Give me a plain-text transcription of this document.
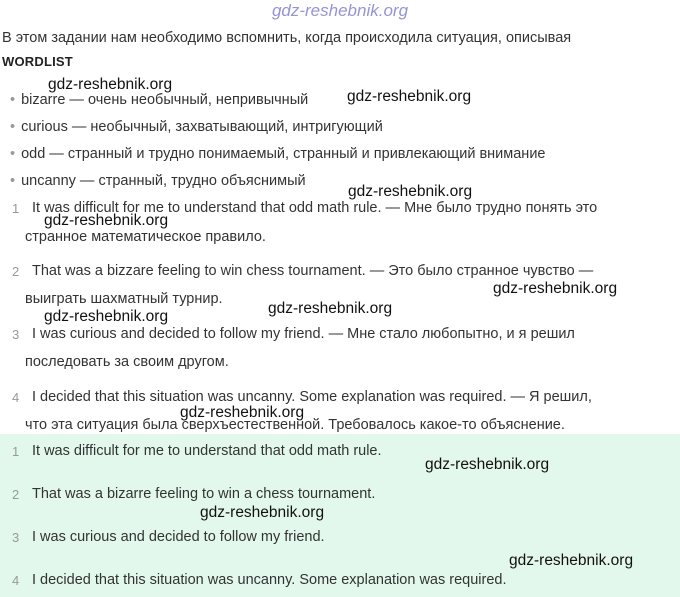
gdz-reshebnik.org
В этом задании нам необходимо вспомнить, когда происходила ситуация, описывая
WORDLIST
• bizarre — очень необычный, непривычный
• curious — необычный, захватывающий, интригующий
• odd — странный и трудно понимаемый, странный и привлекающий внимание
• uncanny — странный, трудно объяснимый
1 It was difficult for me to understand that odd math rule. — Мне было трудно понять это
странное математическое правило.
2 That was a bizzare feeling to win chess tournament. — Это было странное чувство —
выиграть шахматный турнир.
3 I was curious and decided to follow my friend. — Мне стало любопытно, и я решил
последовать за своим другом.
4 I decided that this situation was uncanny. Some explanation was required. — Я решил,
что эта ситуация была сверхъестественной. Требовалось какое-то объяснение.
1 It was difficult for me to understand that odd math rule.
2 That was a bizarre feeling to win a chess tournament.
3 I was curious and decided to follow my friend.
4 I decided that this situation was uncanny. Some explanation was required.
gdz-reshebnik.org
gdz-reshebnik.org
gdz-reshebnik.org
gdz-reshebnik.org
gdz-reshebnik.org
gdz-reshebnik.org
gdz-reshebnik.org
gdz-reshebnik.org
gdz-reshebnik.org
gdz-reshebnik.org
gdz-reshebnik.org
